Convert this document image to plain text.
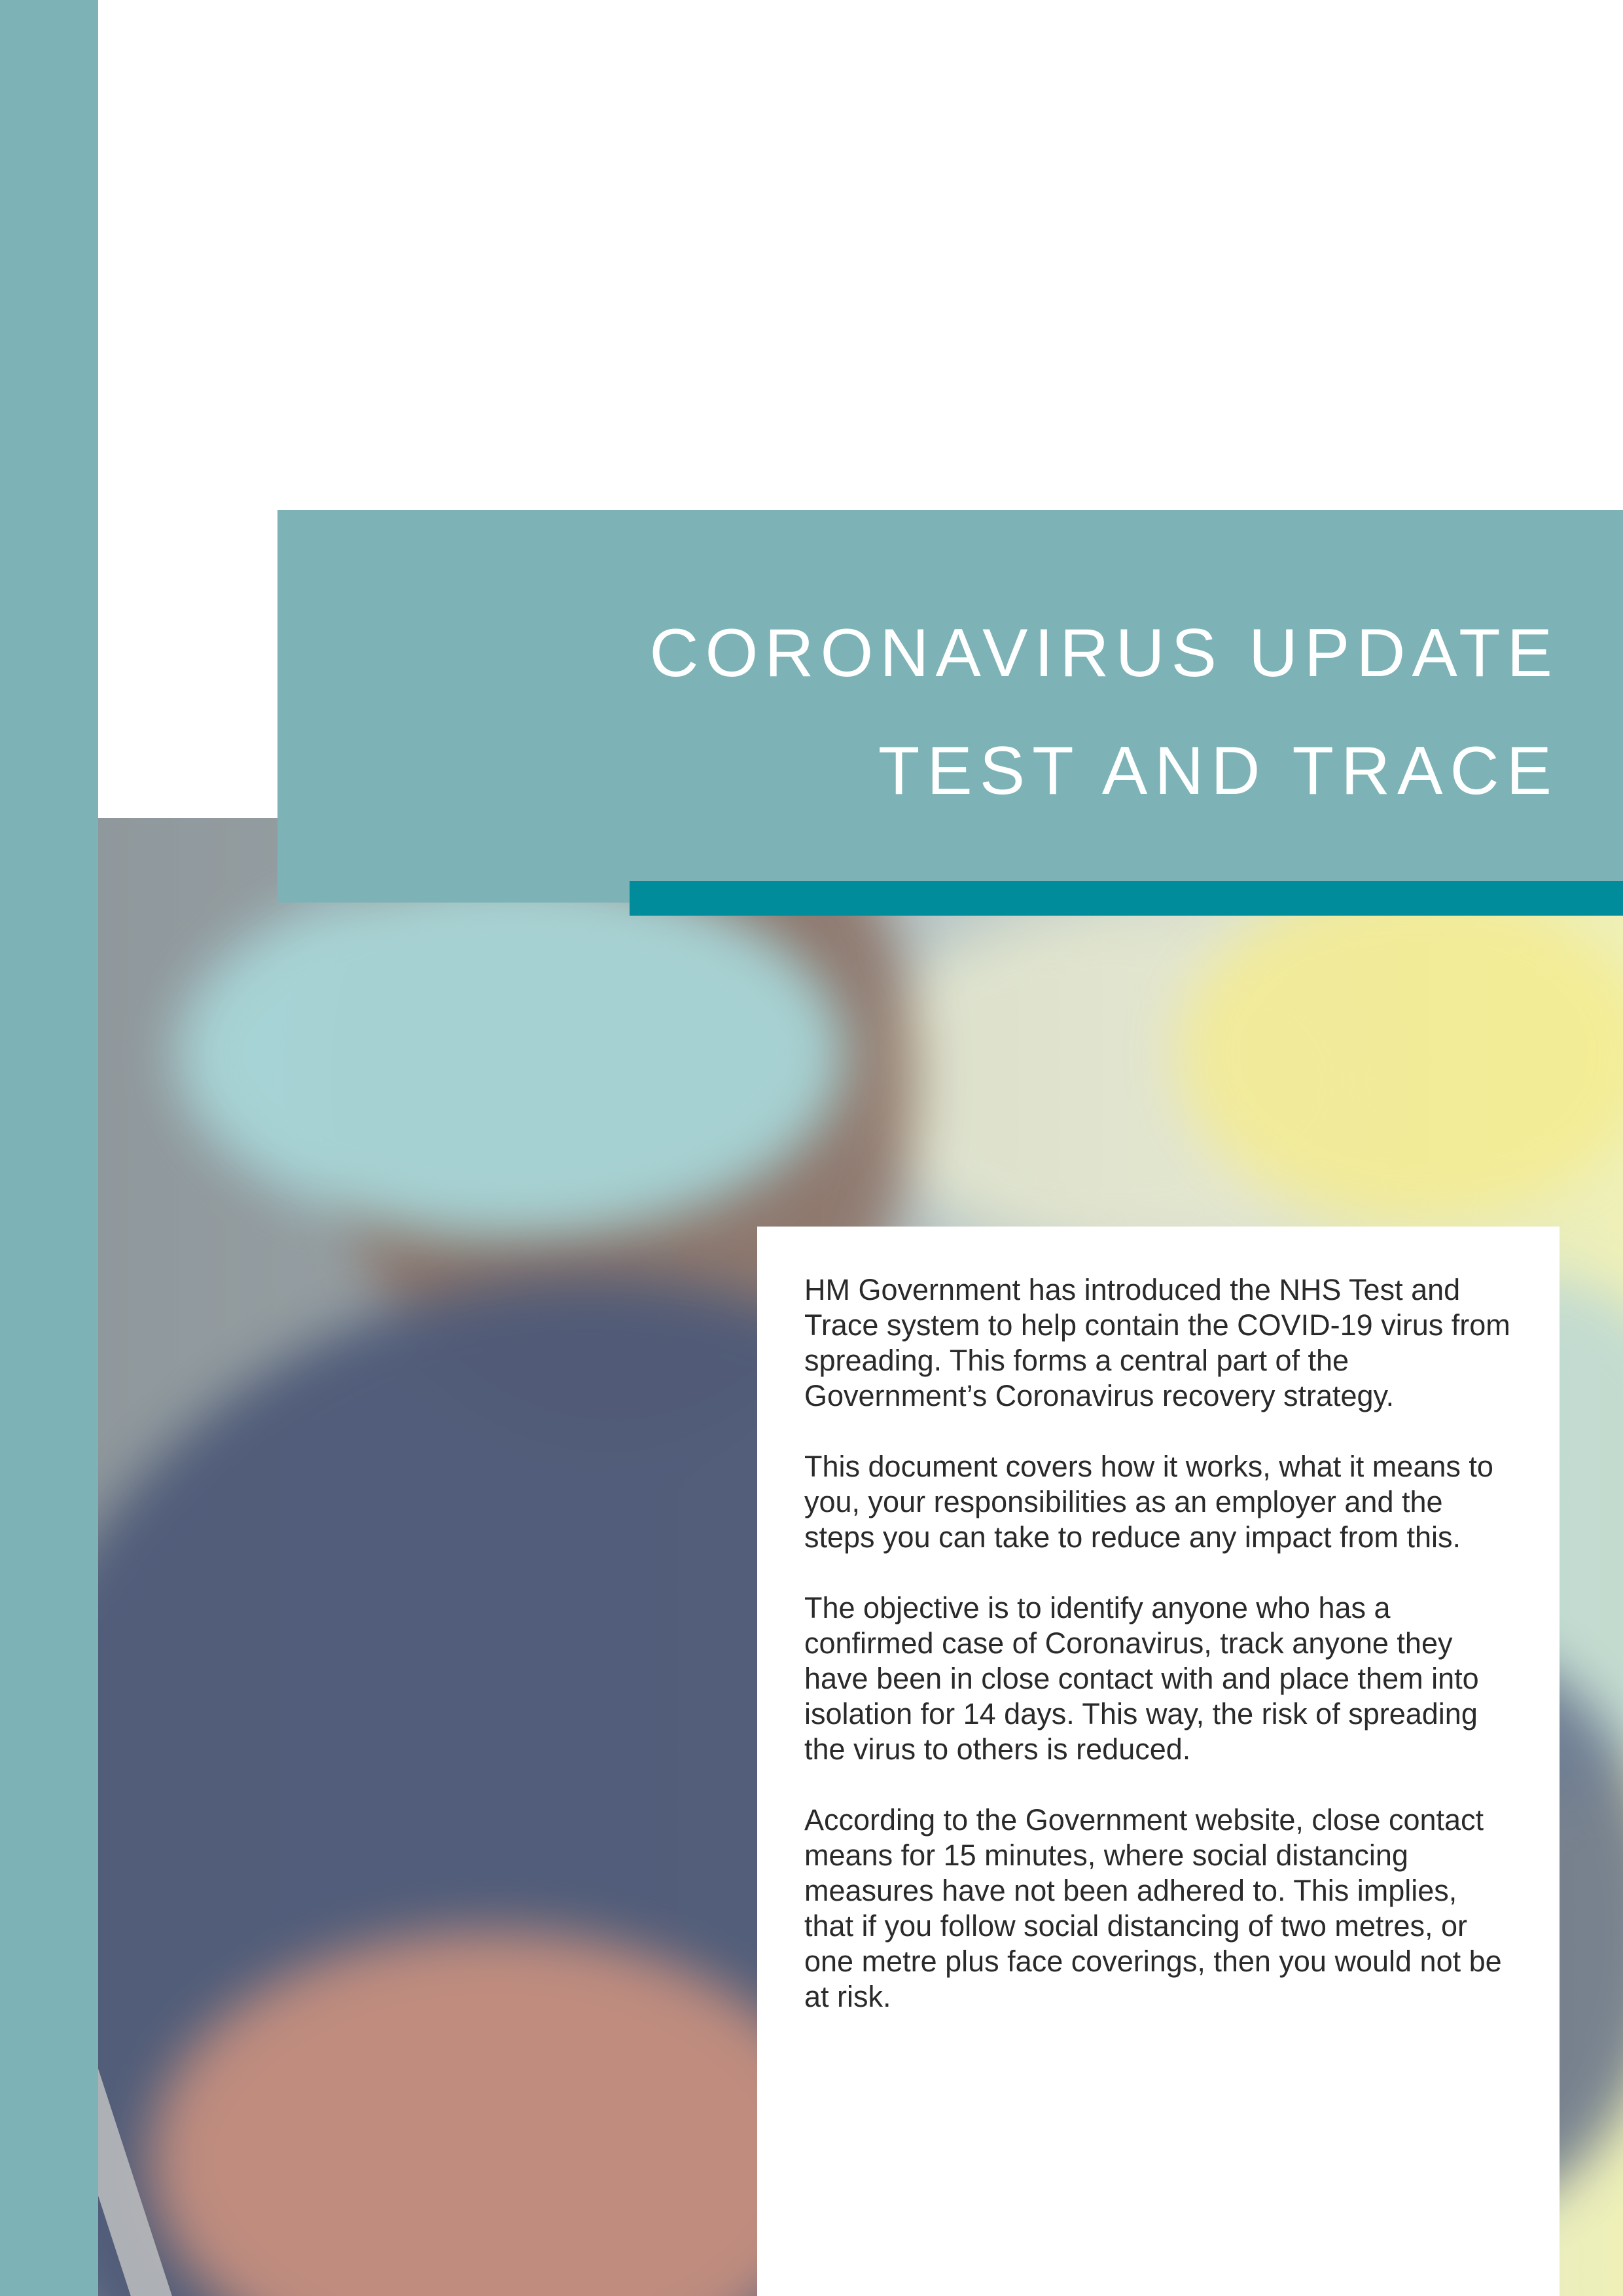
CORONAVIRUS UPDATE
TEST AND TRACE

HM Government has introduced the NHS Test and Trace system to help contain the COVID-19 virus from spreading. This forms a central part of the Government’s Coronavirus recovery strategy.

This document covers how it works, what it means to you, your responsibilities as an employer and the steps you can take to reduce any impact from this.

The objective is to identify anyone who has a confirmed case of Coronavirus, track anyone they have been in close contact with and place them into isolation for 14 days. This way, the risk of spreading the virus to others is reduced.

According to the Government website, close contact means for 15 minutes, where social distancing measures have not been adhered to. This implies, that if you follow social distancing of two metres, or one metre plus face coverings, then you would not be at risk.
